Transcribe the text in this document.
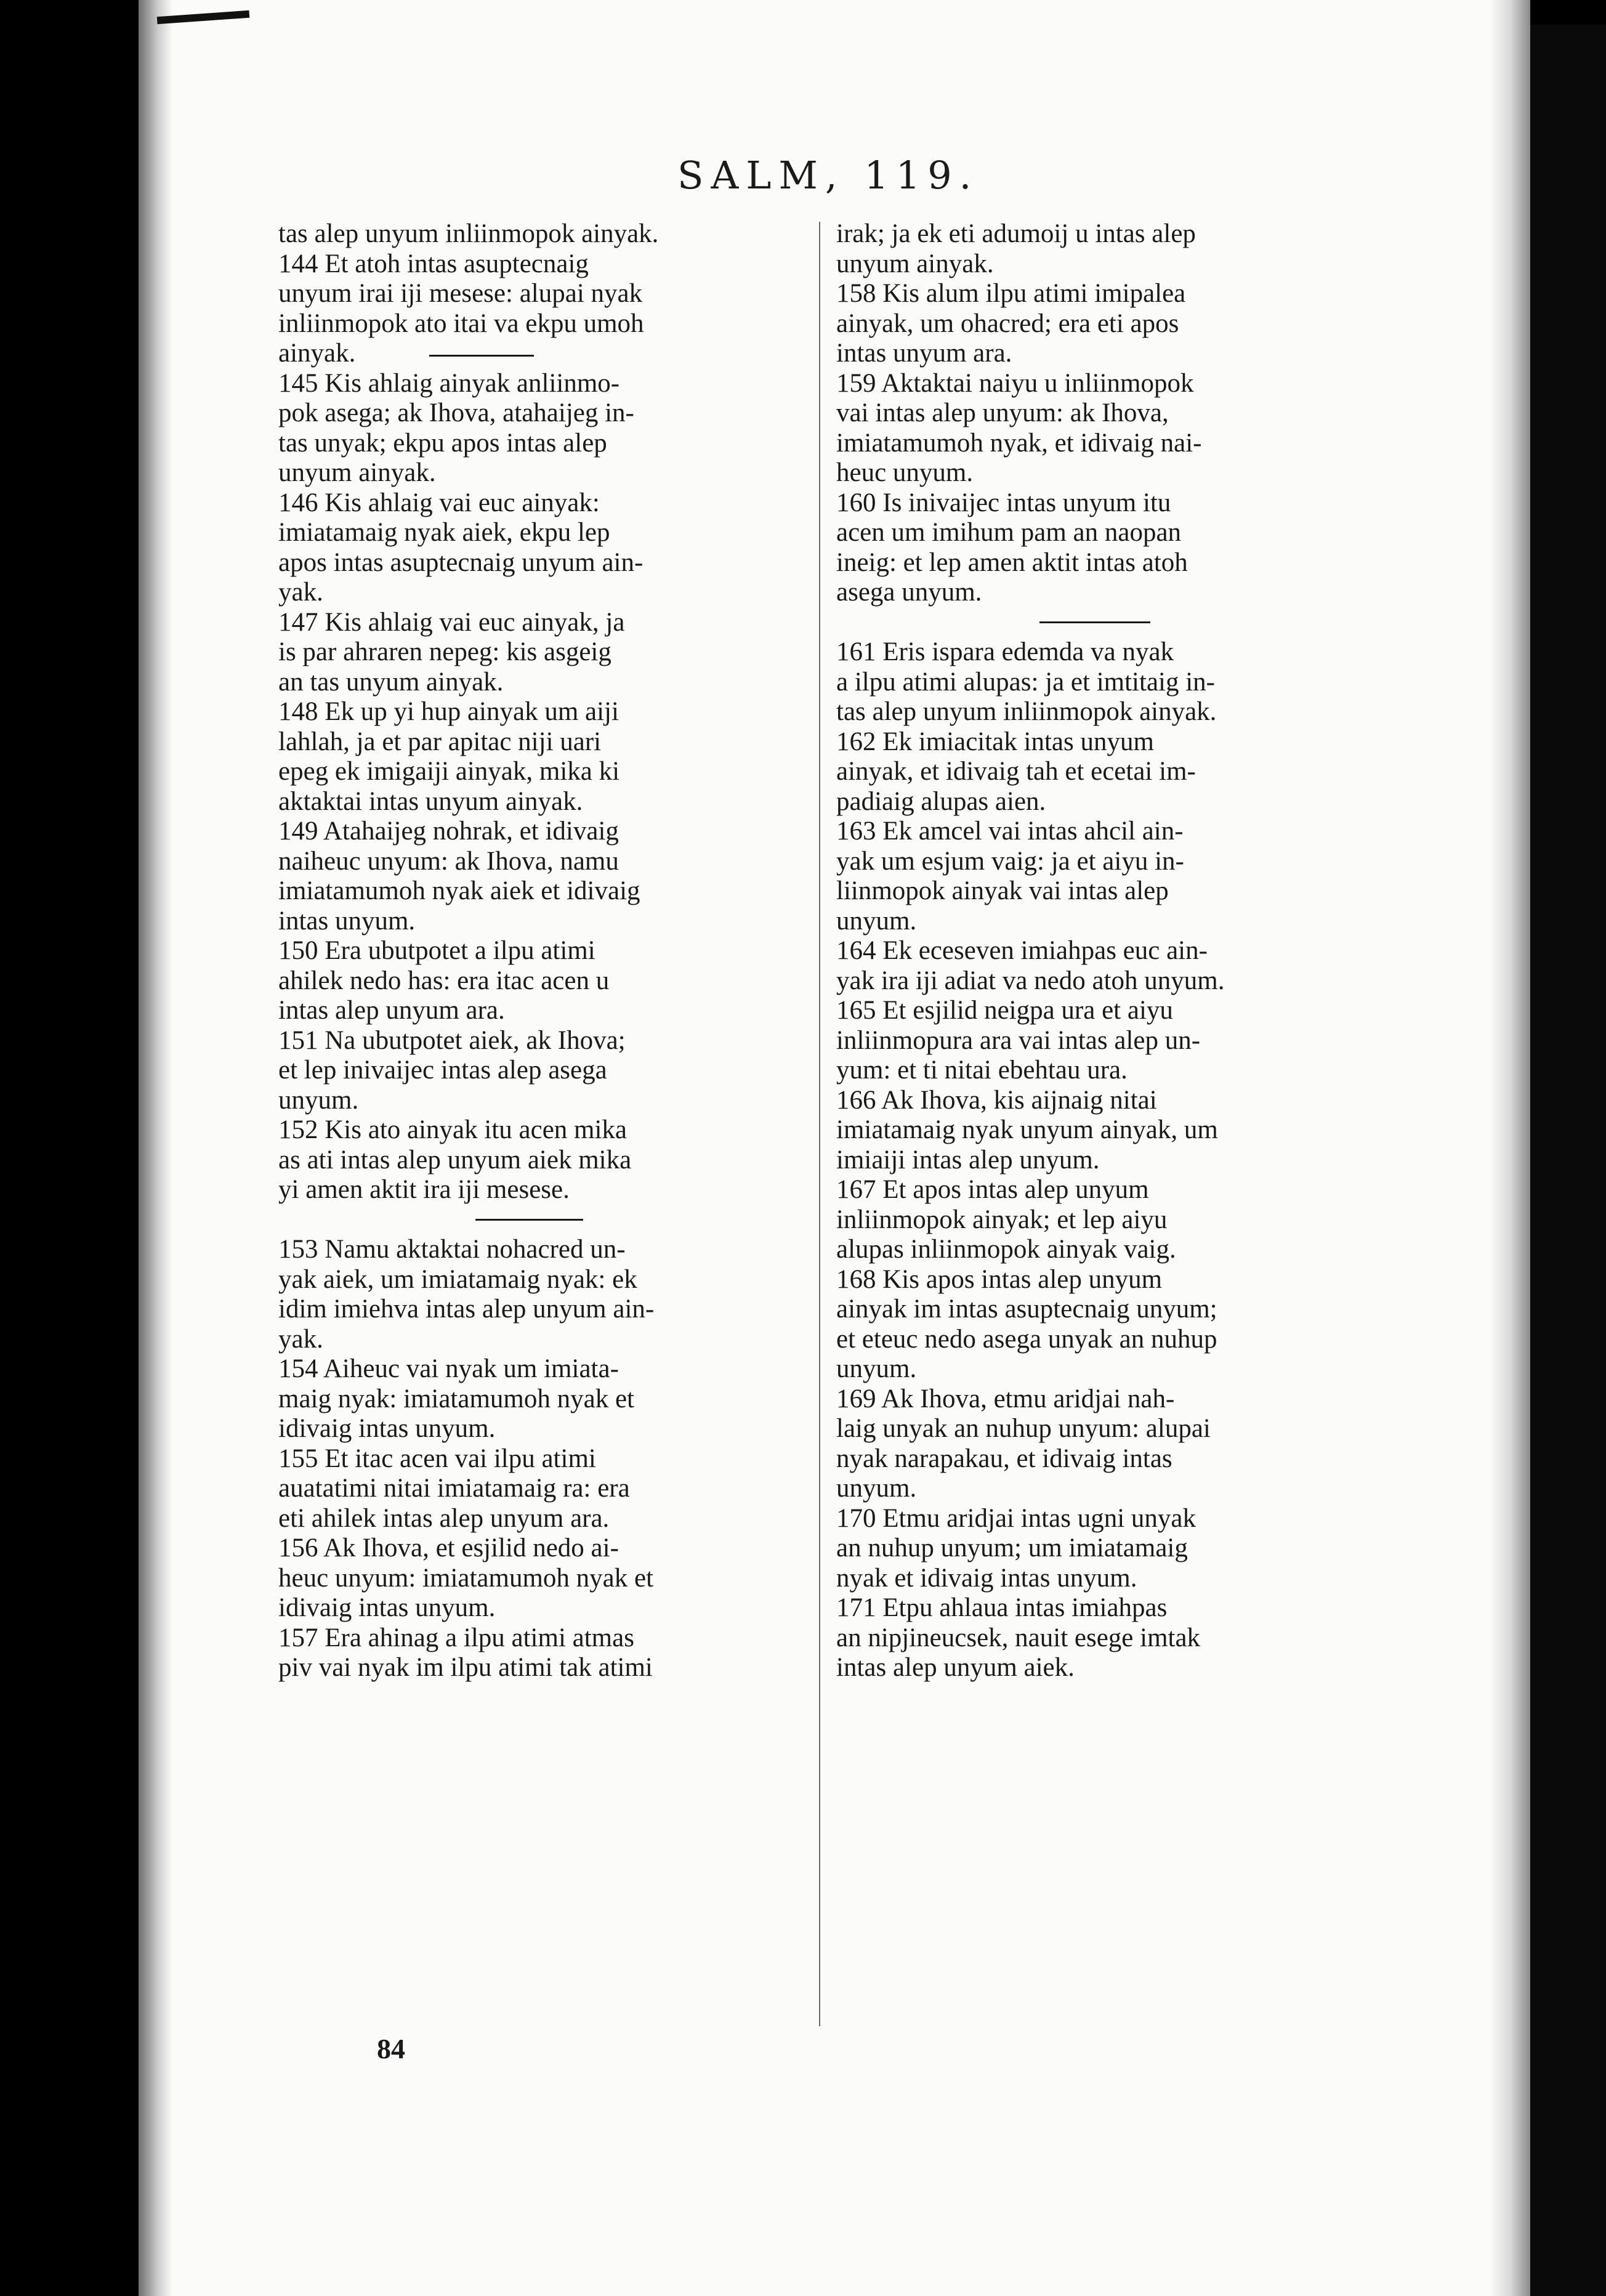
SALM, 119.
tas alep unyum inliinmopok ainyak.
144 Et atoh intas asuptecnaig
unyum irai iji mesese: alupai nyak
inliinmopok ato itai va ekpu umoh
ainyak.
145 Kis ahlaig ainyak anliinmo-
pok asega; ak Ihova, atahaijeg in-
tas unyak; ekpu apos intas alep
unyum ainyak.
146 Kis ahlaig vai euc ainyak:
imiatamaig nyak aiek, ekpu lep
apos intas asuptecnaig unyum ain-
yak.
147 Kis ahlaig vai euc ainyak, ja
is par ahraren nepeg: kis asgeig
an tas unyum ainyak.
148 Ek up yi hup ainyak um aiji
lahlah, ja et par apitac niji uari
epeg ek imigaiji ainyak, mika ki
aktaktai intas unyum ainyak.
149 Atahaijeg nohrak, et idivaig
naiheuc unyum: ak Ihova, namu
imiatamumoh nyak aiek et idivaig
intas unyum.
150 Era ubutpotet a ilpu atimi
ahilek nedo has: era itac acen u
intas alep unyum ara.
151 Na ubutpotet aiek, ak Ihova;
et lep inivaijec intas alep asega
unyum.
152 Kis ato ainyak itu acen mika
as ati intas alep unyum aiek mika
yi amen aktit ira iji mesese.
153 Namu aktaktai nohacred un-
yak aiek, um imiatamaig nyak: ek
idim imiehva intas alep unyum ain-
yak.
154 Aiheuc vai nyak um imiata-
maig nyak: imiatamumoh nyak et
idivaig intas unyum.
155 Et itac acen vai ilpu atimi
auatatimi nitai imiatamaig ra: era
eti ahilek intas alep unyum ara.
156 Ak Ihova, et esjilid nedo ai-
heuc unyum: imiatamumoh nyak et
idivaig intas unyum.
157 Era ahinag a ilpu atimi atmas
piv vai nyak im ilpu atimi tak atimi
irak; ja ek eti adumoij u intas alep
unyum ainyak.
158 Kis alum ilpu atimi imipalea
ainyak, um ohacred; era eti apos
intas unyum ara.
159 Aktaktai naiyu u inliinmopok
vai intas alep unyum: ak Ihova,
imiatamumoh nyak, et idivaig nai-
heuc unyum.
160 Is inivaijec intas unyum itu
acen um imihum pam an naopan
ineig: et lep amen aktit intas atoh
asega unyum.
161 Eris ispara edemda va nyak
a ilpu atimi alupas: ja et imtitaig in-
tas alep unyum inliinmopok ainyak.
162 Ek imiacitak intas unyum
ainyak, et idivaig tah et ecetai im-
padiaig alupas aien.
163 Ek amcel vai intas ahcil ain-
yak um esjum vaig: ja et aiyu in-
liinmopok ainyak vai intas alep
unyum.
164 Ek eceseven imiahpas euc ain-
yak ira iji adiat va nedo atoh unyum.
165 Et esjilid neigpa ura et aiyu
inliinmopura ara vai intas alep un-
yum: et ti nitai ebehtau ura.
166 Ak Ihova, kis aijnaig nitai
imiatamaig nyak unyum ainyak, um
imiaiji intas alep unyum.
167 Et apos intas alep unyum
inliinmopok ainyak; et lep aiyu
alupas inliinmopok ainyak vaig.
168 Kis apos intas alep unyum
ainyak im intas asuptecnaig unyum;
et eteuc nedo asega unyak an nuhup
unyum.
169 Ak Ihova, etmu aridjai nah-
laig unyak an nuhup unyum: alupai
nyak narapakau, et idivaig intas
unyum.
170 Etmu aridjai intas ugni unyak
an nuhup unyum; um imiatamaig
nyak et idivaig intas unyum.
171 Etpu ahlaua intas imiahpas
an nipjineucsek, nauit esege imtak
intas alep unyum aiek.
84
